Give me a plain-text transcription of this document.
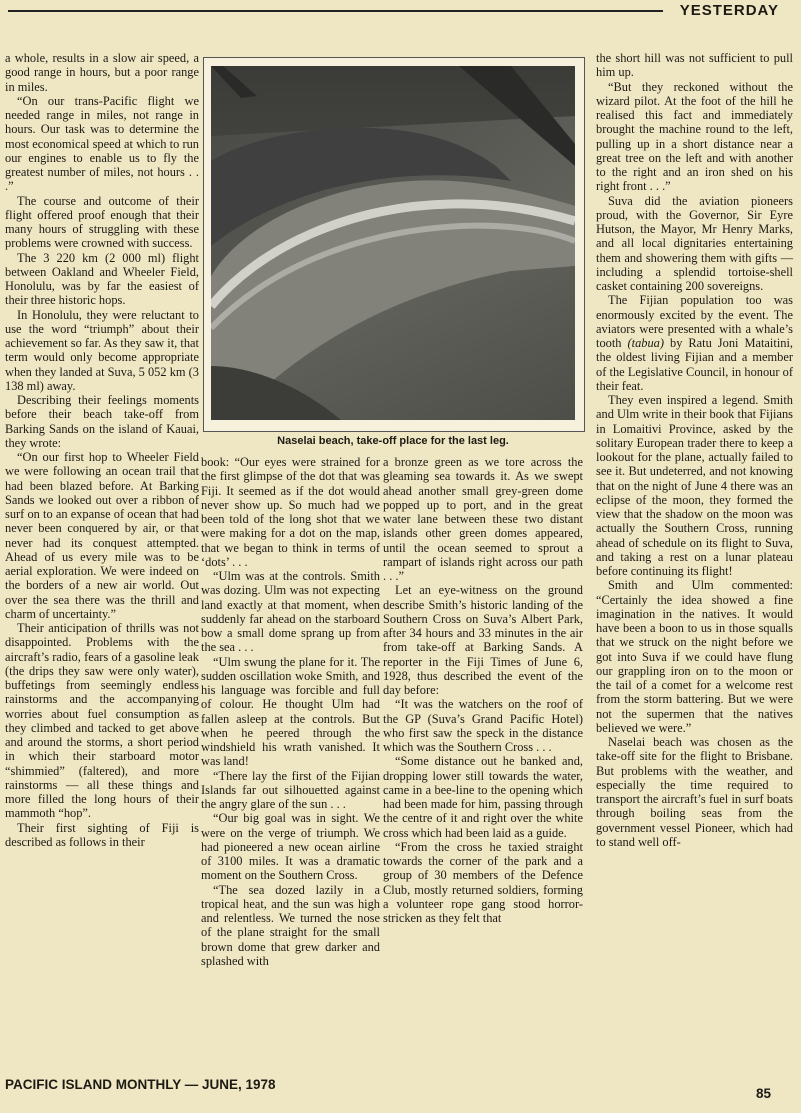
YESTERDAY

a whole, results in a slow air speed, a good range in hours, but a poor range in miles.

“On our trans-Pacific flight we needed range in miles, not range in hours. Our task was to determine the most economical speed at which to run our engines to enable us to fly the greatest number of miles, not hours . . .”

The course and outcome of their flight offered proof enough that their many hours of struggling with these problems were crowned with success.

The 3 220 km (2 000 ml) flight between Oakland and Wheeler Field, Honolulu, was by far the easiest of their three historic hops.

In Honolulu, they were reluctant to use the word “triumph” about their achievement so far. As they saw it, that term would only become appropriate when they landed at Suva, 5 052 km (3 138 ml) away.

Describing their feelings moments before their beach take-off from Barking Sands on the island of Kauai, they wrote:

“On our first hop to Wheeler Field we were following an ocean trail that had been blazed before. At Barking Sands we looked out over a ribbon of surf on to an expanse of ocean that had never been conquered by air, or that never had its conquest attempted. Ahead of us every mile was to be aerial exploration. We were indeed on the borders of a new air world. Out over the sea there was the thrill and charm of uncertainty.”

Their anticipation of thrills was not disappointed. Problems with the aircraft’s radio, fears of a gasoline leak (the drips they saw were only water), buffetings from seemingly endless rainstorms and the accompanying worries about fuel consumption as they climbed and tacked to get above and around the storms, a short period in which their starboard motor “shimmied” (faltered), and more rainstorms — all these things and more filled the long hours of their mammoth “hop”.

Their first sighting of Fiji is described as follows in their

Naselai beach, take-off place for the last leg.

book: “Our eyes were strained for the first glimpse of the dot that was Fiji. It seemed as if the dot would never show up. So much had we been told of the long shot that we were making for a dot on the map, that we began to think in terms of ‘dots’ . . .

“Ulm was at the controls. Smith was dozing. Ulm was not expecting land exactly at that moment, when suddenly far ahead on the starboard bow a small dome sprang up from the sea . . .

“Ulm swung the plane for it. The sudden oscillation woke Smith, and his language was forcible and full of colour. He thought Ulm had fallen asleep at the controls. But when he peered through the windshield his wrath vanished. It was land!

“There lay the first of the Fijian Islands far out silhouetted against the angry glare of the sun . . .

“Our big goal was in sight. We were on the verge of triumph. We had pioneered a new ocean airline of 3100 miles. It was a dramatic moment on the Southern Cross.

“The sea dozed lazily in a tropical heat, and the sun was high and relentless. We turned the nose of the plane straight for the small brown dome that grew darker and splashed with

a bronze green as we tore across the gleaming sea towards it. As we swept ahead another small grey-green dome popped up to port, and in the great water lane between these two distant islands other green domes appeared, until the ocean seemed to sprout a rampart of islands right across our path . . .”

Let an eye-witness on the ground describe Smith’s historic landing of the Southern Cross on Suva’s Albert Park, after 34 hours and 33 minutes in the air from take-off at Barking Sands. A reporter in the Fiji Times of June 6, 1928, thus described the event of the day before:

“It was the watchers on the roof of the GP (Suva’s Grand Pacific Hotel) who first saw the speck in the distance which was the Southern Cross . . .

“Some distance out he banked and, dropping lower still towards the water, came in a bee-line to the opening which had been made for him, passing through the centre of it and right over the white cross which had been laid as a guide.

“From the cross he taxied straight towards the corner of the park and a group of 30 members of the Defence Club, mostly returned soldiers, forming a volunteer rope gang stood horror-stricken as they felt that

the short hill was not sufficient to pull him up.

“But they reckoned without the wizard pilot. At the foot of the hill he realised this fact and immediately brought the machine round to the left, pulling up in a short distance near a great tree on the left and with another to the right and an iron shed on his right front . . .”

Suva did the aviation pioneers proud, with the Governor, Sir Eyre Hutson, the Mayor, Mr Henry Marks, and all local dignitaries entertaining them and showering them with gifts — including a splendid tortoise-shell casket containing 200 sovereigns.

The Fijian population too was enormously excited by the event. The aviators were presented with a whale’s tooth (tabua) by Ratu Joni Mataitini, the oldest living Fijian and a member of the Legislative Council, in honour of their feat.

They even inspired a legend. Smith and Ulm write in their book that Fijians in Lomaitivi Province, asked by the solitary European trader there to keep a lookout for the plane, actually failed to see it. But undeterred, and not knowing that on the night of June 4 there was an eclipse of the moon, they formed the view that the shadow on the moon was actually the Southern Cross, running ahead of schedule on its flight to Suva, and taking a rest on a lunar plateau before continuing its flight!

Smith and Ulm commented: “Certainly the idea showed a fine imagination in the natives. It would have been a boon to us in those squalls that we struck on the night before we got into Suva if we could have flung our grappling iron on to the moon or the tail of a comet for a welcome rest from the storm battering. But we were not the supermen that the natives believed we were.”

Naselai beach was chosen as the take-off site for the flight to Brisbane. But problems with the weather, and especially the time required to transport the aircraft’s fuel in surf boats through boiling seas from the government vessel Pioneer, which had to stand well off-

PACIFIC ISLAND MONTHLY — JUNE, 1978
85
